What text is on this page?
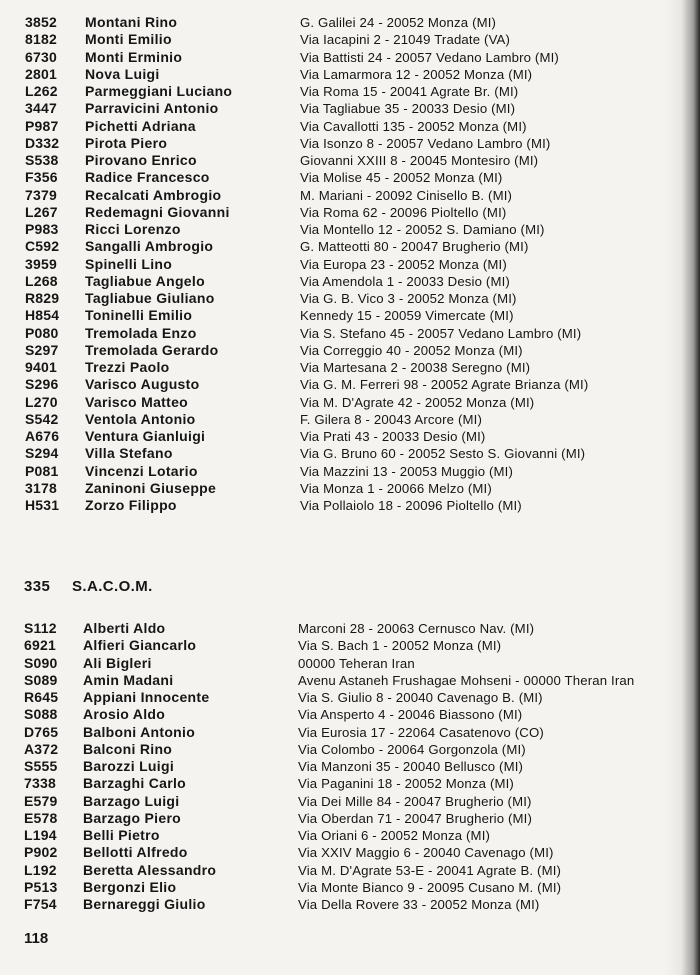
3852	Montani Rino	G. Galilei 24 - 20052 Monza (MI)
8182	Monti Emilio	Via Iacapini 2 - 21049 Tradate (VA)
6730	Monti Erminio	Via Battisti 24 - 20057 Vedano Lambro (MI)
2801	Nova Luigi	Via Lamarmora 12 - 20052 Monza (MI)
L262	Parmeggiani Luciano	Via Roma 15 - 20041 Agrate Br. (MI)
3447	Parravicini Antonio	Via Tagliabue 35 - 20033 Desio (MI)
P987	Pichetti Adriana	Via Cavallotti 135 - 20052 Monza (MI)
D332	Pirota Piero	Via Isonzo 8 - 20057 Vedano Lambro (MI)
S538	Pirovano Enrico	Giovanni XXIII 8 - 20045 Montesiro (MI)
F356	Radice Francesco	Via Molise 45 - 20052 Monza (MI)
7379	Recalcati Ambrogio	M. Mariani - 20092 Cinisello B. (MI)
L267	Redemagni Giovanni	Via Roma 62 - 20096 Pioltello (MI)
P983	Ricci Lorenzo	Via Montello 12 - 20052 S. Damiano (MI)
C592	Sangalli Ambrogio	G. Matteotti 80 - 20047 Brugherio (MI)
3959	Spinelli Lino	Via Europa 23 - 20052 Monza (MI)
L268	Tagliabue Angelo	Via Amendola 1 - 20033 Desio (MI)
R829	Tagliabue Giuliano	Via G. B. Vico 3 - 20052 Monza (MI)
H854	Toninelli Emilio	Kennedy 15 - 20059 Vimercate (MI)
P080	Tremolada Enzo	Via S. Stefano 45 - 20057 Vedano Lambro (MI)
S297	Tremolada Gerardo	Via Correggio 40 - 20052 Monza (MI)
9401	Trezzi Paolo	Via Martesana 2 - 20038 Seregno (MI)
S296	Varisco Augusto	Via G. M. Ferreri 98 - 20052 Agrate Brianza (MI)
L270	Varisco Matteo	Via M. D'Agrate 42 - 20052 Monza (MI)
S542	Ventola Antonio	F. Gilera 8 - 20043 Arcore (MI)
A676	Ventura Gianluigi	Via Prati 43 - 20033 Desio (MI)
S294	Villa Stefano	Via G. Bruno 60 - 20052 Sesto S. Giovanni (MI)
P081	Vincenzi Lotario	Via Mazzini 13 - 20053 Muggio (MI)
3178	Zaninoni Giuseppe	Via Monza 1 - 20066 Melzo (MI)
H531	Zorzo Filippo	Via Pollaiolo 18 - 20096 Pioltello (MI)
335 S.A.C.O.M.
S112	Alberti Aldo	Marconi 28 - 20063 Cernusco Nav. (MI)
6921	Alfieri Giancarlo	Via S. Bach 1 - 20052 Monza (MI)
S090	Ali Bigleri	00000 Teheran Iran
S089	Amin Madani	Avenu Astaneh Frushagae Mohseni - 00000 Theran Iran
R645	Appiani Innocente	Via S. Giulio 8 - 20040 Cavenago B. (MI)
S088	Arosio Aldo	Via Ansperto 4 - 20046 Biassono (MI)
D765	Balboni Antonio	Via Eurosia 17 - 22064 Casatenovo (CO)
A372	Balconi Rino	Via Colombo - 20064 Gorgonzola (MI)
S555	Barozzi Luigi	Via Manzoni 35 - 20040 Bellusco (MI)
7338	Barzaghi Carlo	Via Paganini 18 - 20052 Monza (MI)
E579	Barzago Luigi	Via Dei Mille 84 - 20047 Brugherio (MI)
E578	Barzago Piero	Via Oberdan 71 - 20047 Brugherio (MI)
L194	Belli Pietro	Via Oriani 6 - 20052 Monza (MI)
P902	Bellotti Alfredo	Via XXIV Maggio 6 - 20040 Cavenago (MI)
L192	Beretta Alessandro	Via M. D'Agrate 53-E - 20041 Agrate B. (MI)
P513	Bergonzi Elio	Via Monte Bianco 9 - 20095 Cusano M. (MI)
F754	Bernareggi Giulio	Via Della Rovere 33 - 20052 Monza (MI)
118
